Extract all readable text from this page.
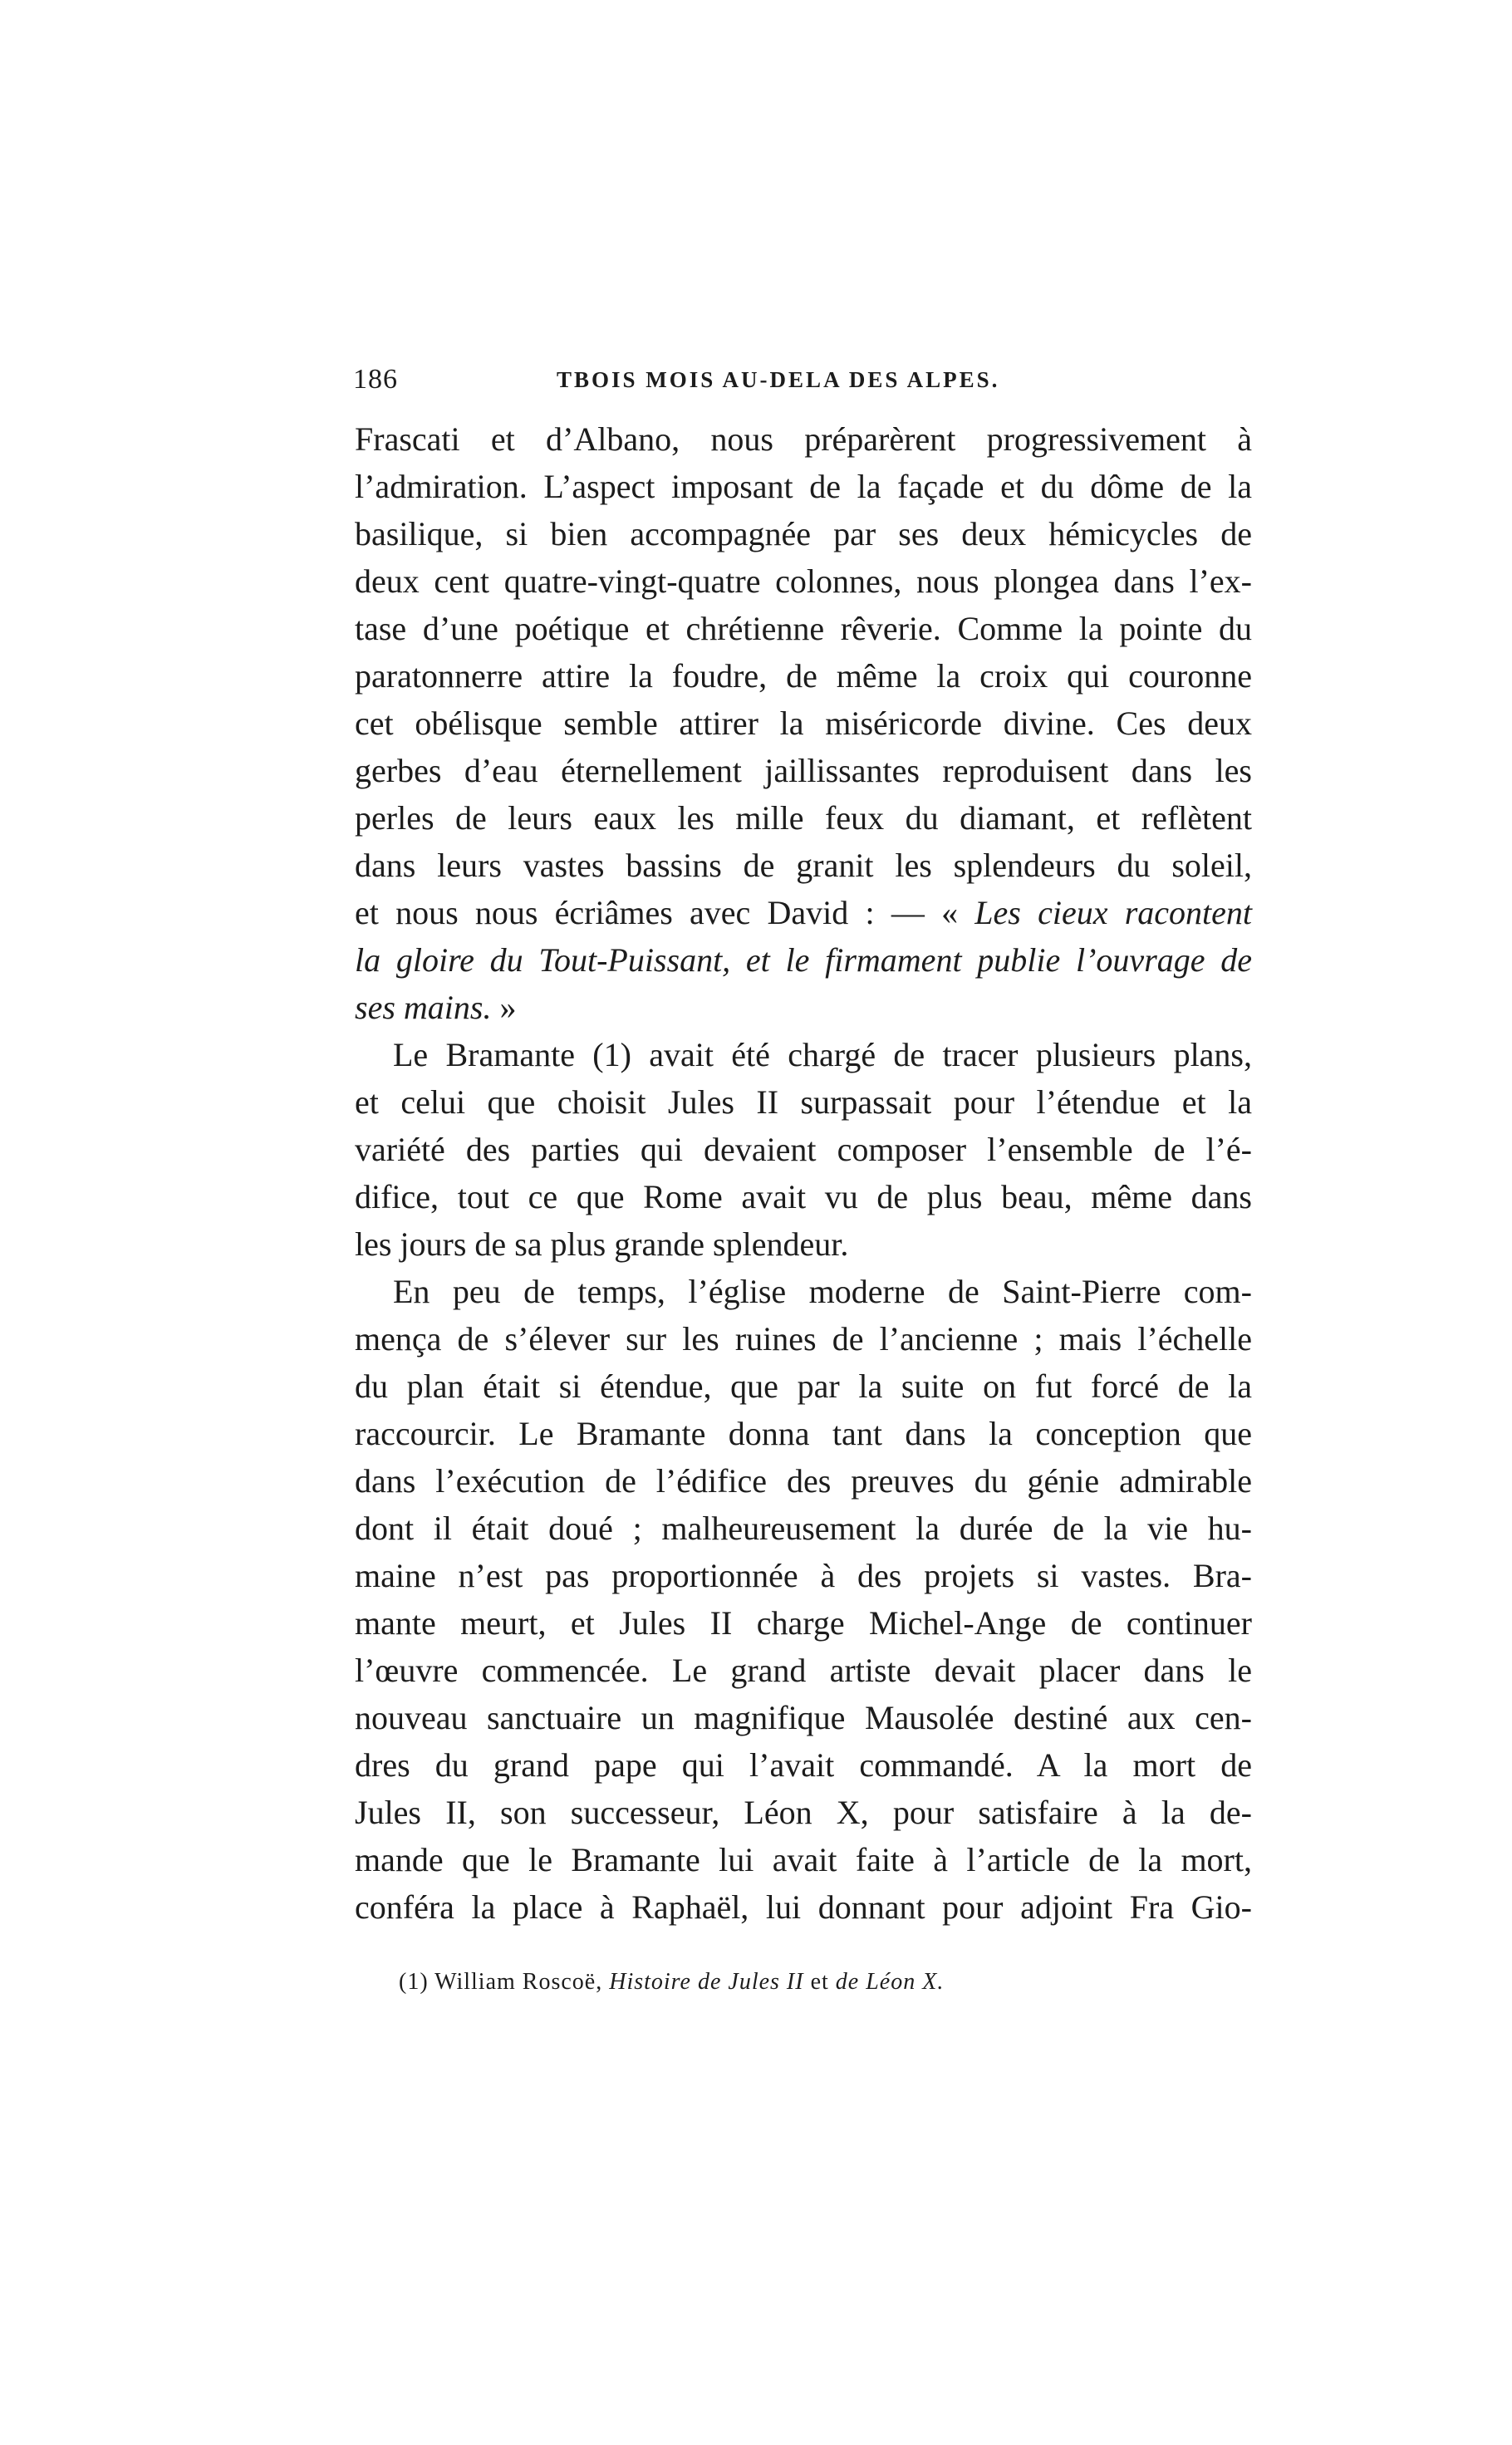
186	TBOIS MOIS AU-DELA DES ALPES.
Frascati et d’Albano, nous préparèrent progressivement à
l’admiration. L’aspect imposant de la façade et du dôme de la
basilique, si bien accompagnée par ses deux hémicycles de
deux cent quatre-vingt-quatre colonnes, nous plongea dans l’ex-
tase d’une poétique et chrétienne rêverie. Comme la pointe du
paratonnerre attire la foudre, de même la croix qui couronne
cet obélisque semble attirer la miséricorde divine. Ces deux
gerbes d’eau éternellement jaillissantes reproduisent dans les
perles de leurs eaux les mille feux du diamant, et reflètent
dans leurs vastes bassins de granit les splendeurs du soleil,
et nous nous écriâmes avec David : — « Les cieux racontent
la gloire du Tout-Puissant, et le firmament publie l’ouvrage de
ses mains. »
Le Bramante (1) avait été chargé de tracer plusieurs plans,
et celui que choisit Jules II surpassait pour l’étendue et la
variété des parties qui devaient composer l’ensemble de l’é-
difice, tout ce que Rome avait vu de plus beau, même dans
les jours de sa plus grande splendeur.
En peu de temps, l’église moderne de Saint-Pierre com-
mença de s’élever sur les ruines de l’ancienne ; mais l’échelle
du plan était si étendue, que par la suite on fut forcé de la
raccourcir. Le Bramante donna tant dans la conception que
dans l’exécution de l’édifice des preuves du génie admirable
dont il était doué ; malheureusement la durée de la vie hu-
maine n’est pas proportionnée à des projets si vastes. Bra-
mante meurt, et Jules II charge Michel-Ange de continuer
l’œuvre commencée. Le grand artiste devait placer dans le
nouveau sanctuaire un magnifique Mausolée destiné aux cen-
dres du grand pape qui l’avait commandé. A la mort de
Jules II, son successeur, Léon X, pour satisfaire à la de-
mande que le Bramante lui avait faite à l’article de la mort,
conféra la place à Raphaël, lui donnant pour adjoint Fra Gio-
(1) William Roscoë, Histoire de Jules II et de Léon X.
